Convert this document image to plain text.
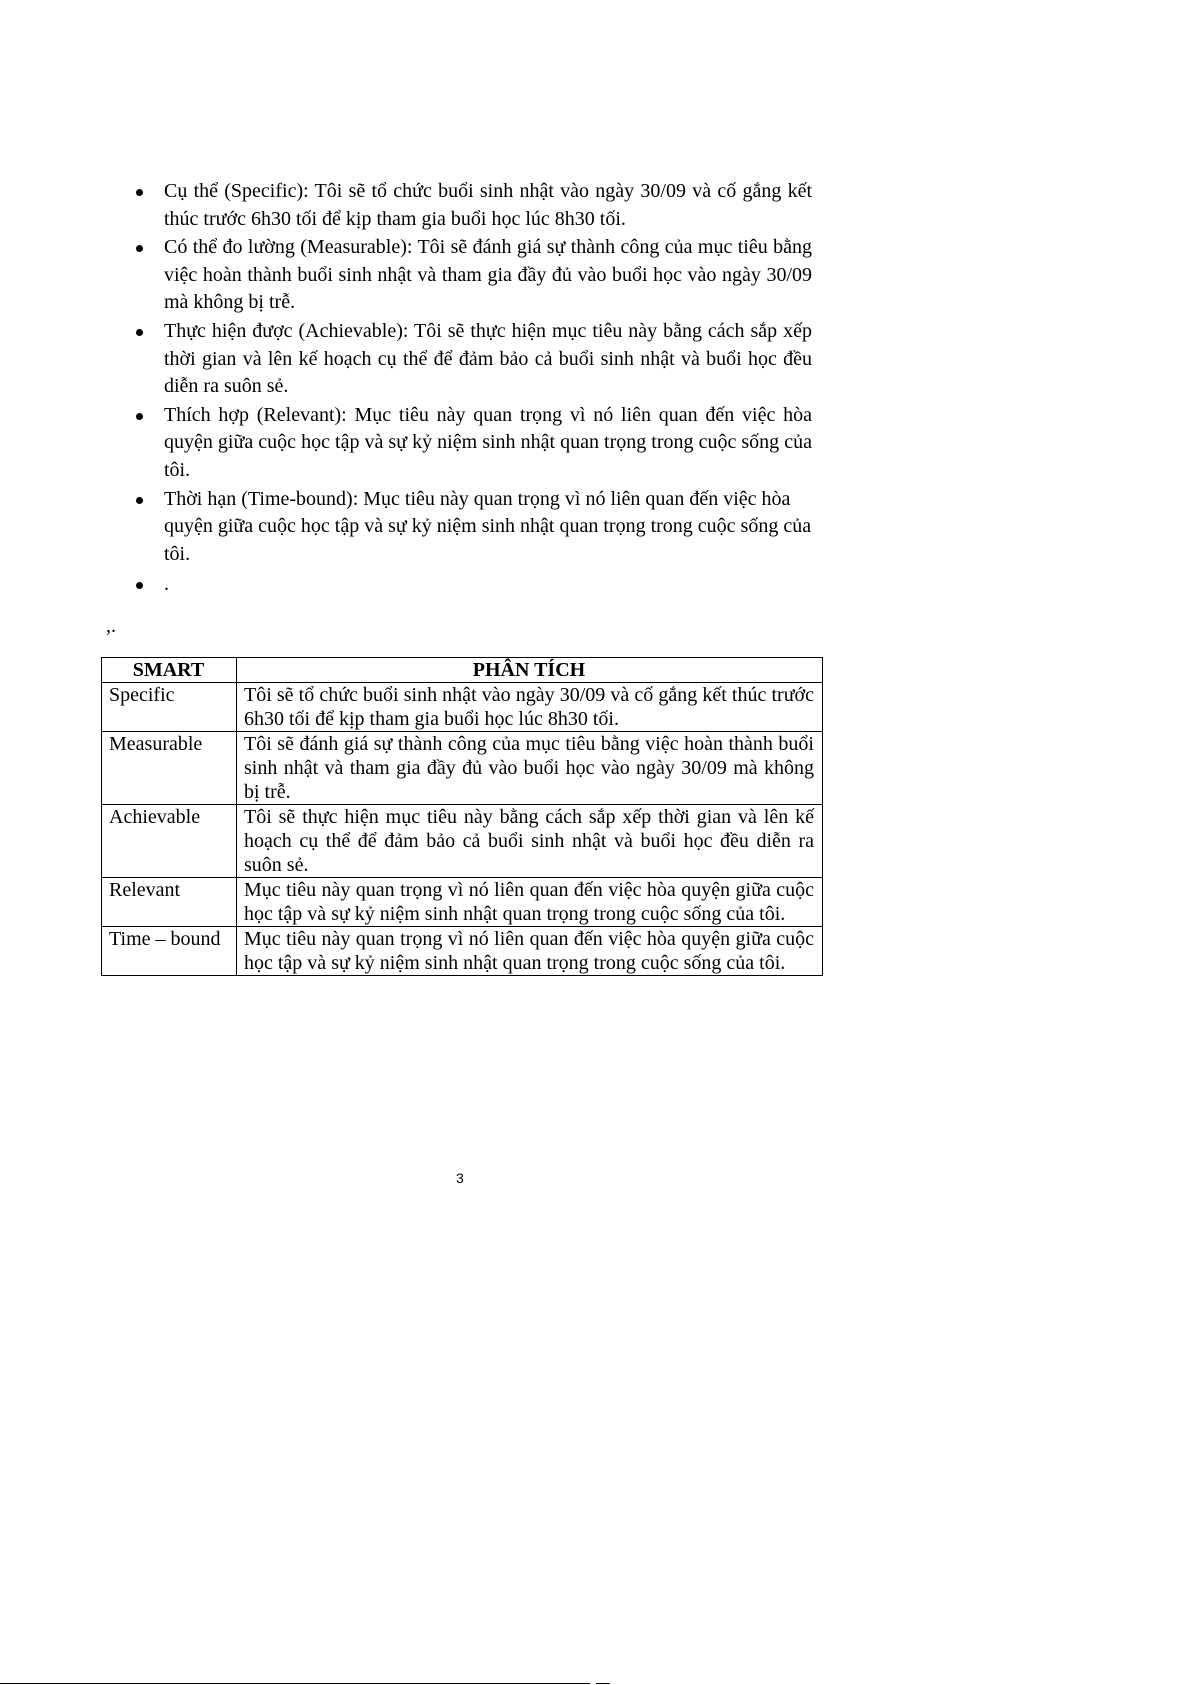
Cụ thể (Specific): Tôi sẽ tổ chức buổi sinh nhật vào ngày 30/09 và cố gắng kết thúc trước 6h30 tối để kịp tham gia buổi học lúc 8h30 tối.
Có thể đo lường (Measurable): Tôi sẽ đánh giá sự thành công của mục tiêu bằng việc hoàn thành buổi sinh nhật và tham gia đầy đủ vào buổi học vào ngày 30/09 mà không bị trễ.
Thực hiện được (Achievable): Tôi sẽ thực hiện mục tiêu này bằng cách sắp xếp thời gian và lên kế hoạch cụ thể để đảm bảo cả buổi sinh nhật và buổi học đều diễn ra suôn sẻ.
Thích hợp (Relevant): Mục tiêu này quan trọng vì nó liên quan đến việc hòa quyện giữa cuộc học tập và sự kỷ niệm sinh nhật quan trọng trong cuộc sống của tôi.
Thời hạn (Time-bound): Mục tiêu này quan trọng vì nó liên quan đến việc hòa quyện giữa cuộc học tập và sự kỷ niệm sinh nhật quan trọng trong cuộc sống của tôi.
.
,.
SMART	PHÂN TÍCH
Specific	Tôi sẽ tổ chức buổi sinh nhật vào ngày 30/09 và cố gắng kết thúc trước 6h30 tối để kịp tham gia buổi học lúc 8h30 tối.
Measurable	Tôi sẽ đánh giá sự thành công của mục tiêu bằng việc hoàn thành buổi sinh nhật và tham gia đầy đủ vào buổi học vào ngày 30/09 mà không bị trễ.
Achievable	Tôi sẽ thực hiện mục tiêu này bằng cách sắp xếp thời gian và lên kế hoạch cụ thể để đảm bảo cả buổi sinh nhật và buổi học đều diễn ra suôn sẻ.
Relevant	Mục tiêu này quan trọng vì nó liên quan đến việc hòa quyện giữa cuộc học tập và sự kỷ niệm sinh nhật quan trọng trong cuộc sống của tôi.
Time – bound	Mục tiêu này quan trọng vì nó liên quan đến việc hòa quyện giữa cuộc học tập và sự kỷ niệm sinh nhật quan trọng trong cuộc sống của tôi.
3
